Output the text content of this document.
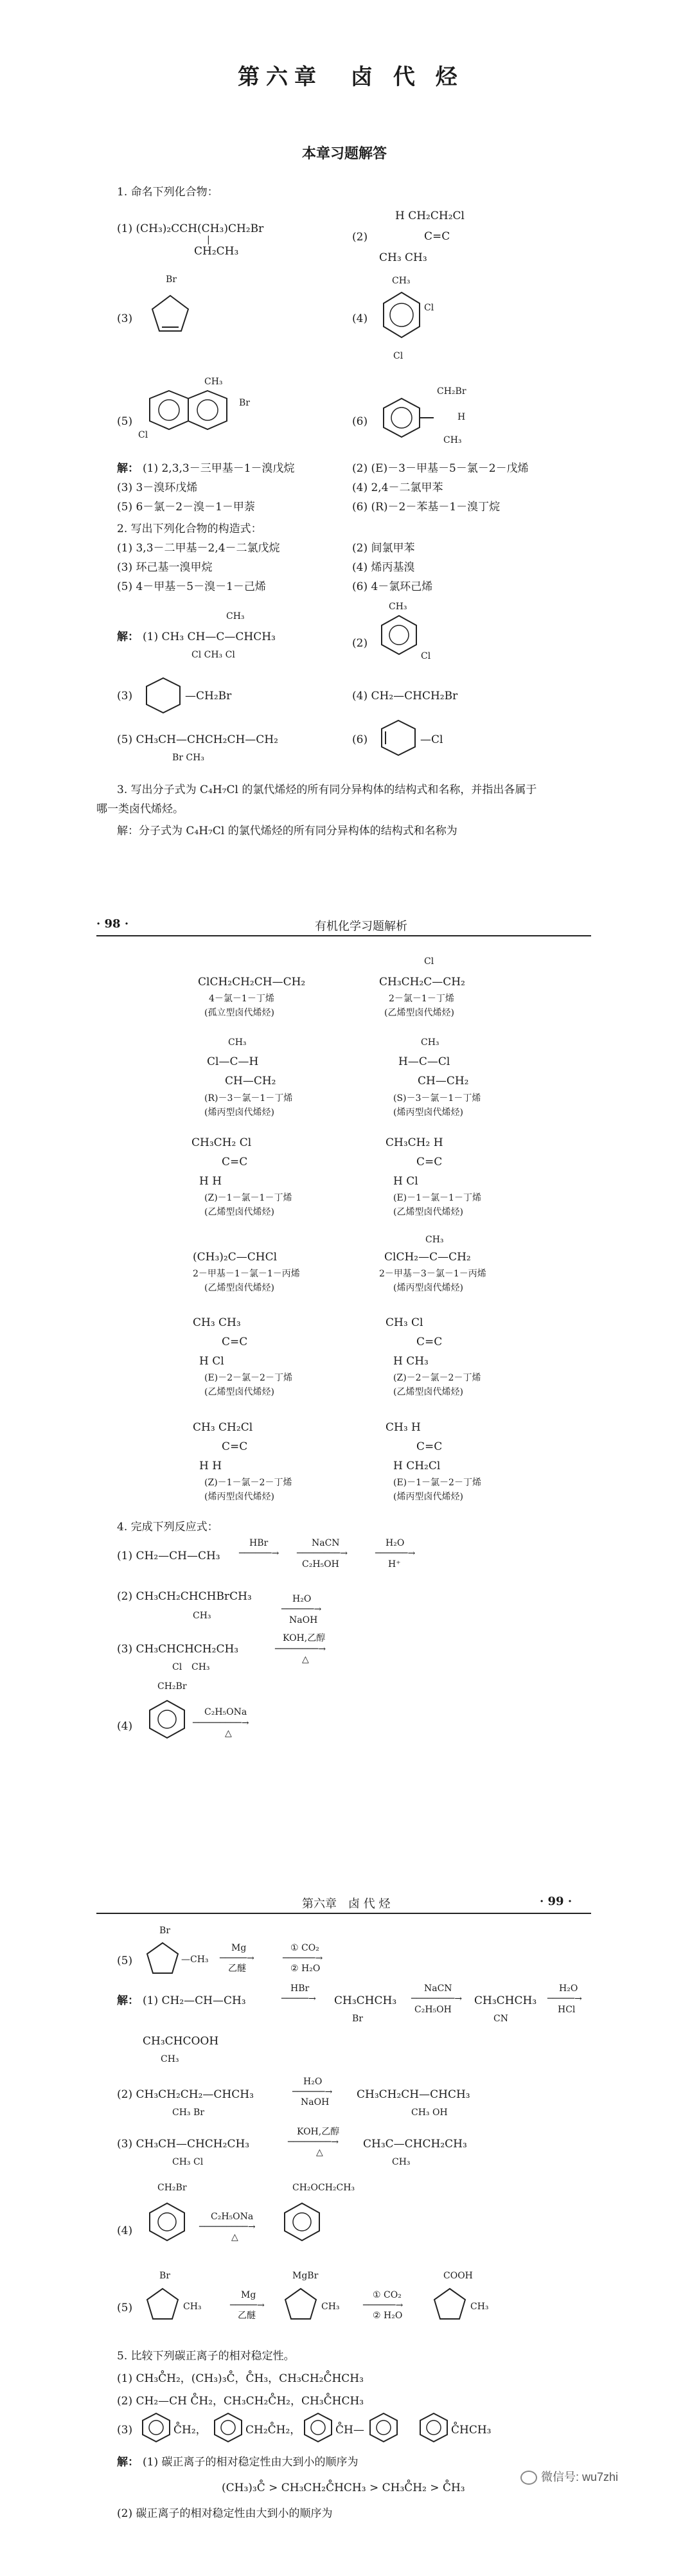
第六章　卤 代 烃
本章习题解答
1. 命名下列化合物：
(1) (CH₃)₂CCH(CH₃)CH₂Br
CH₂CH₃
|	(2)
H CH₂CH₂Cl
C=C
CH₃ CH₃
(3)
Br
(4)
CH₃
Cl
Cl
(5)
CH₃
Br
Cl
(6)
CH₂Br
H
CH₃
解： (1) 2,3,3－三甲基－1－溴戊烷	(2) (E)－3－甲基－5－氯－2－戊烯
(3) 3－溴环戊烯	(4) 2,4－二氯甲苯
(5) 6－氯－2－溴－1－甲萘	(6) (R)－2－苯基－1－溴丁烷
2. 写出下列化合物的构造式：
(1) 3,3－二甲基－2,4－二氯戊烷	(2) 间氯甲苯
(3) 环己基一溴甲烷	(4) 烯丙基溴
(5) 4－甲基－5－溴－1－己烯	(6) 4－氯环己烯
解：
CH₃
(1) CH₃ CH—C—CHCH₃
Cl CH₃ Cl
(2)
CH₃
Cl
(3)	—CH₂Br	(4) CH₂—CHCH₂Br
(5) CH₃CH—CHCH₂CH—CH₂
Br CH₃
(6)	—Cl
3. 写出分子式为 C₄H₇Cl 的氯代烯烃的所有同分异构体的结构式和名称，并指出各属于
哪一类卤代烯烃。
解：分子式为 C₄H₇Cl 的氯代烯烃的所有同分异构体的结构式和名称为
· 98 ·	有机化学习题解析
ClCH₂CH₂CH—CH₂
4－氯－1－丁烯
(孤立型卤代烯烃)
Cl
CH₃CH₂C—CH₂
2－氯－1－丁烯
(乙烯型卤代烯烃)
CH₃
Cl—C—H
CH—CH₂
(R)－3－氯－1－丁烯
(烯丙型卤代烯烃)
CH₃
H—C—Cl
CH—CH₂
(S)－3－氯－1－丁烯
(烯丙型卤代烯烃)
CH₃CH₂ Cl
C=C
H H
(Z)－1－氯－1－丁烯
(乙烯型卤代烯烃)
CH₃CH₂ H
C=C
H Cl
(E)－1－氯－1－丁烯
(乙烯型卤代烯烃)
(CH₃)₂C—CHCl
2－甲基－1－氯－1－丙烯
(乙烯型卤代烯烃)
CH₃
ClCH₂—C—CH₂
2－甲基－3－氯－1－丙烯
(烯丙型卤代烯烃)
CH₃ CH₃
C=C
H Cl
(E)－2－氯－2－丁烯
(乙烯型卤代烯烃)
CH₃ Cl
C=C
H CH₃
(Z)－2－氯－2－丁烯
(乙烯型卤代烯烃)
CH₃ CH₂Cl
C=C
H H
(Z)－1－氯－2－丁烯
(烯丙型卤代烯烃)
CH₃ H
C=C
H CH₂Cl
(E)－1－氯－2－丁烯
(烯丙型卤代烯烃)
4. 完成下列反应式：
(1) CH₂—CH—CH₃
HBr
──────→
NaCN
────────→
C₂H₅OH
H₂O
──────→
H⁺
(2) CH₃CH₂CHCHBrCH₃
CH₃
H₂O
──────→
NaOH
(3) CH₃CHCHCH₂CH₃
Cl CH₃
KOH,乙醇
────────→
△
(4)
CH₂Br
C₂H₅ONa
─────────→
△
第六章　卤 代 烃	· 99 ·
(5)
Br
—CH₃
Mg
─────→
乙醚
① CO₂
──────→
② H₂O
解： (1) CH₂—CH—CH₃
HBr
─────→ CH₃CHCH₃
Br
NaCN
────────→
C₂H₅OH
CH₃CHCH₃
CN
H₂O
─────→
HCl
CH₃CHCOOH
CH₃
(2) CH₃CH₂CH₂—CHCH₃
CH₃ Br
H₂O
──────→
NaOH
CH₃CH₂CH—CHCH₃
CH₃ OH
(3) CH₃CH—CHCH₂CH₃
CH₃ Cl
KOH,乙醇
────────→
△
CH₃C—CHCH₂CH₃
CH₃
(4)
CH₂Br
C₂H₅ONa
─────────→
△
CH₂OCH₂CH₃
(5)
Br
CH₃
Mg
─────→
乙醚
MgBr
CH₃
① CO₂
──────→
② H₂O
COOH
CH₃
5. 比较下列碳正离子的相对稳定性。
(1) CH₃C̊H₂，(CH₃)₃C̊，C̊H₃，CH₃CH₂C̊HCH₃
(2) CH₂—CH C̊H₂，CH₃CH₂C̊H₂，CH₃C̊HCH₃
(3)	C̊H₂，	CH₂C̊H₂，	C̊H—	C̊HCH₃
解： (1) 碳正离子的相对稳定性由大到小的顺序为
(CH₃)₃C̊ > CH₃CH₂C̊HCH₃ > CH₃C̊H₂ > C̊H₃
(2) 碳正离子的相对稳定性由大到小的顺序为
微信号: wu7zhi
